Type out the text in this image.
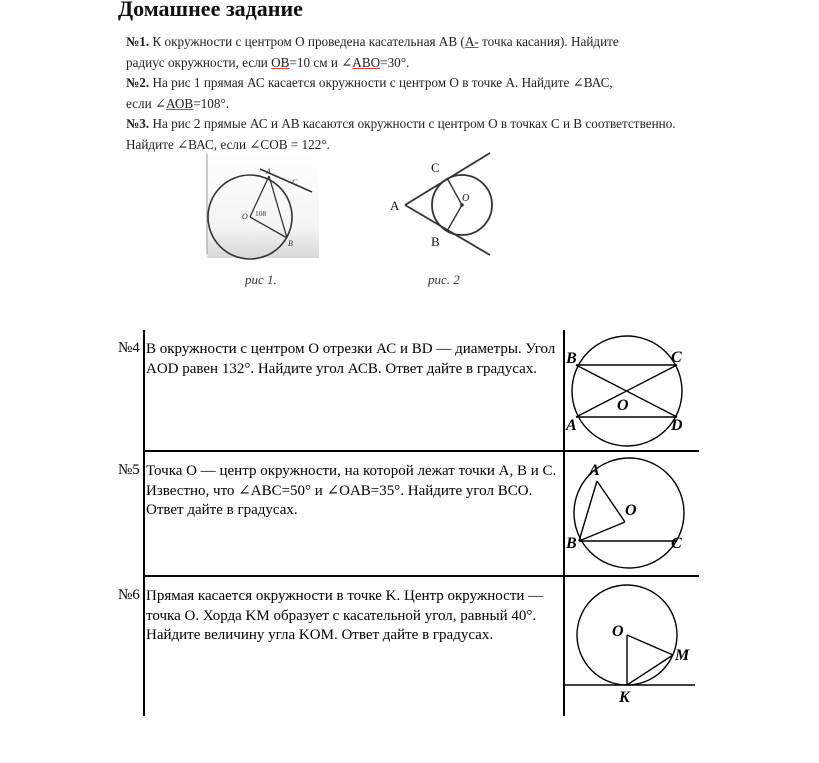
Домашнее задание
№1. К окружности с центром О проведена касательная АВ (А- точка касания). Найдите
радиус окружности, если ОВ=10 см и ∠АВО=30°.
№2. На рис 1 прямая АС касается окружности с центром О в точке А. Найдите ∠ВАС,
если ∠АОВ=108°.
№3. На рис 2 прямые АС и АВ касаются окружности с центром О в точках С и В соответственно.
Найдите ∠ВАС, если ∠СОВ = 122°.
A
C
O 108
B
рис 1.
A
C
O
B
рис. 2
№4 В окружности с центром О отрезки АС и BD — диаметры. Угол AOD равен 132°. Найдите угол АСВ. Ответ дайте в градусах.
B	C
O
A	D
№5 Точка О — центр окружности, на которой лежат точки A, B и C. Известно, что ∠ABC=50° и ∠OAB=35°. Найдите угол BCO. Ответ дайте в градусах.
A
O
B	C
№6 Прямая касается окружности в точке K. Центр окружности — точка O. Хорда KM образует с касательной угол, равный 40°. Найдите величину угла KOM. Ответ дайте в градусах.	O
M
K
